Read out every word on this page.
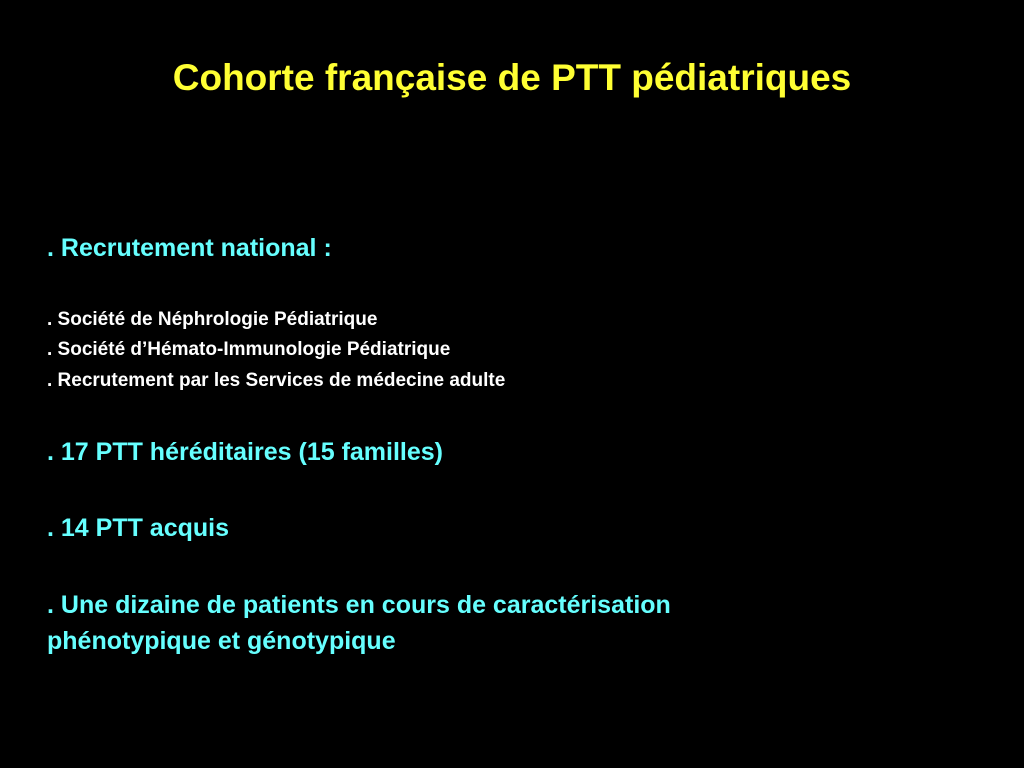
Cohorte française de PTT pédiatriques
. Recrutement national :
. Société de Néphrologie Pédiatrique
. Société d’Hémato-Immunologie Pédiatrique
. Recrutement par les Services de médecine adulte
. 17 PTT héréditaires (15 familles)
. 14 PTT acquis
. Une dizaine de patients en cours de caractérisation
phénotypique et génotypique
